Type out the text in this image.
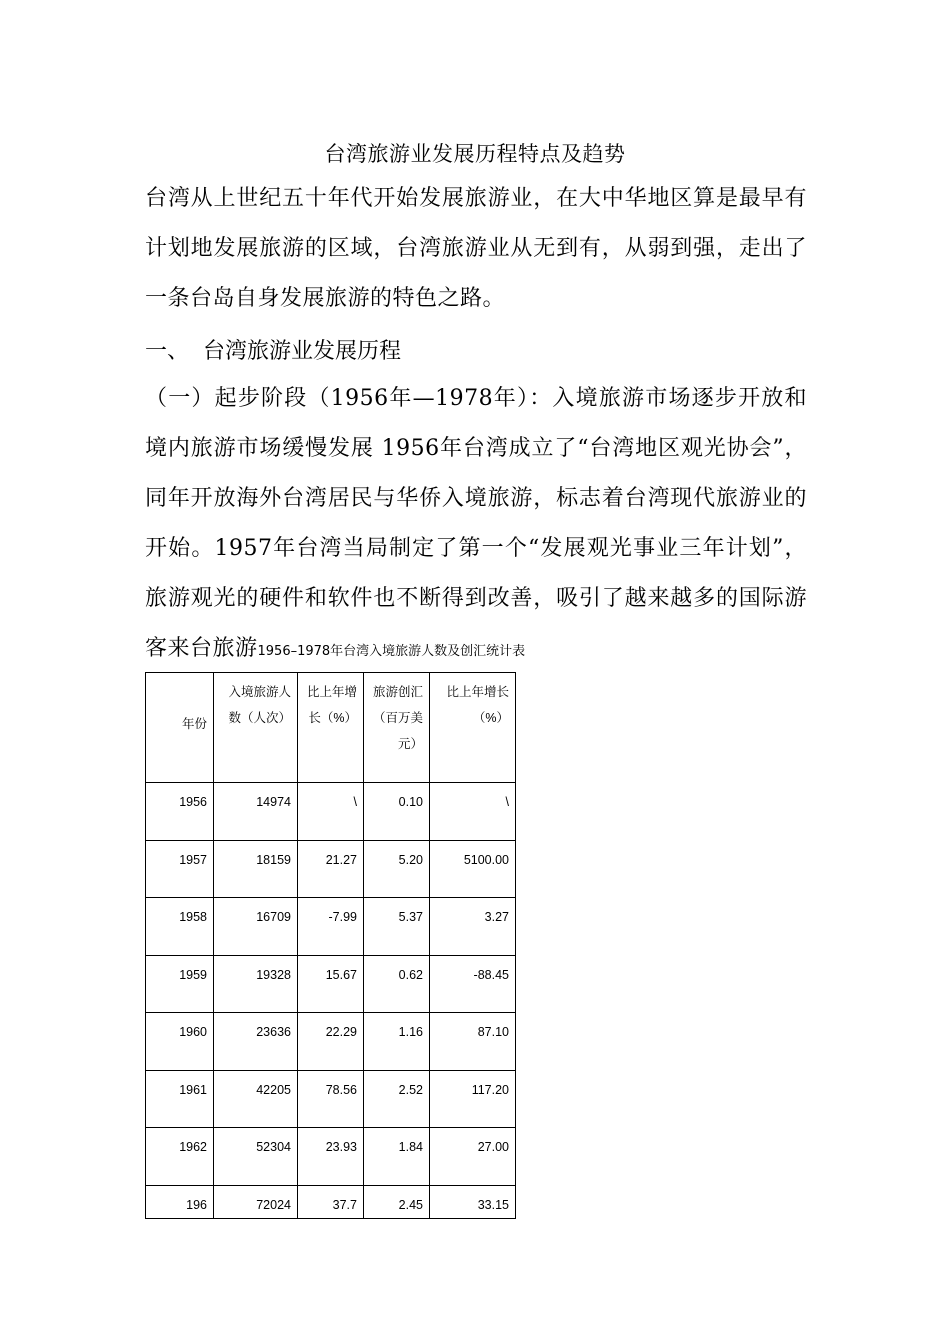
台湾旅游业发展历程特点及趋势
台湾从上世纪五十年代开始发展旅游业，在大中华地区算是最早有计划地发展旅游的区域，台湾旅游业从无到有，从弱到强，走出了一条台岛自身发展旅游的特色之路。
一、 台湾旅游业发展历程
（一）起步阶段（1956年—1978年）：入境旅游市场逐步开放和境内旅游市场缓慢发展 1956年台湾成立了“台湾地区观光协会”，同年开放海外台湾居民与华侨入境旅游，标志着台湾现代旅游业的开始。1957年台湾当局制定了第一个“发展观光事业三年计划”，旅游观光的硬件和软件也不断得到改善，吸引了越来越多的国际游客来台旅游1956–1978年台湾入境旅游人数及创汇统计表
年份	入境旅游人数（人次）	比上年增长（%）	旅游创汇（百万美元）	比上年增长（%）

1956	14974	\	0.10	\

1957	18159	21.27	5.20	5100.00

1958	16709	-7.99	5.37	3.27

1959	19328	15.67	0.62	-88.45

1960	23636	22.29	1.16	87.10

1961	42205	78.56	2.52	117.20

1962	52304	23.93	1.84	27.00

196	72024	37.7	2.45	33.15
